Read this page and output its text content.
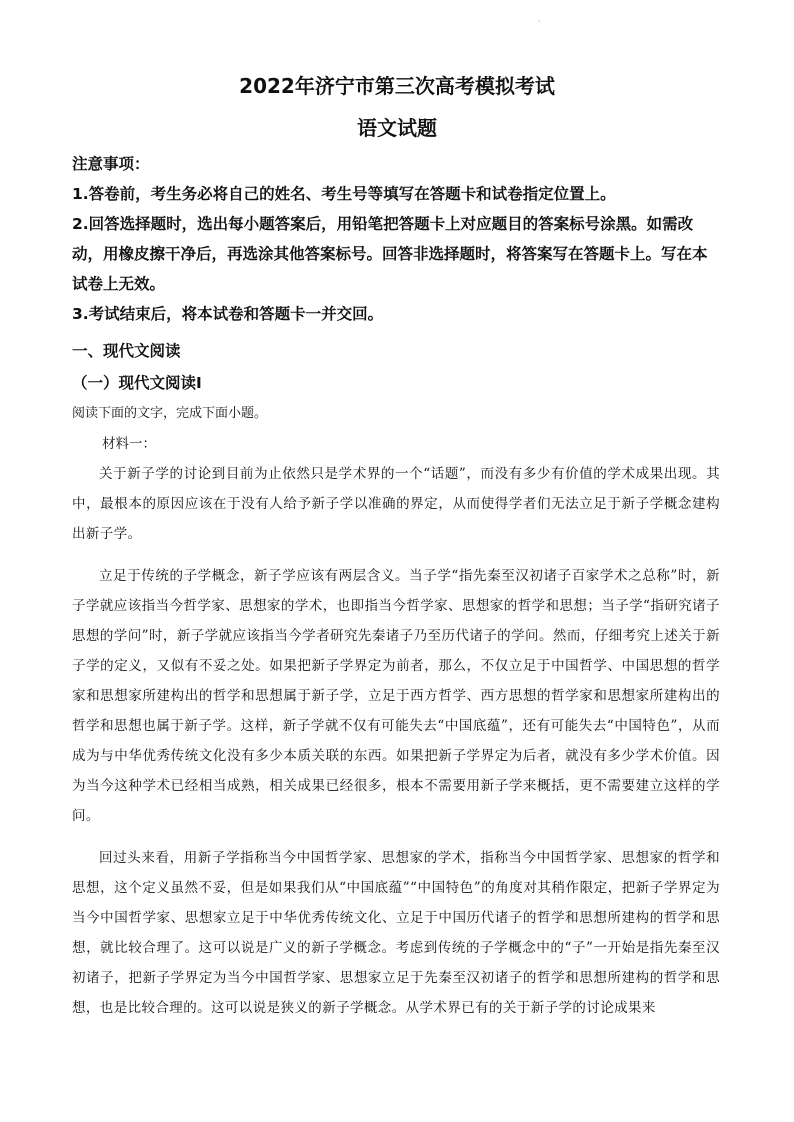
·
2022年济宁市第三次高考模拟考试
语文试题

注意事项：

1.答卷前，考生务必将自己的姓名、考生号等填写在答题卡和试卷指定位置上。

2.回答选择题时，选出每小题答案后，用铅笔把答题卡上对应题目的答案标号涂黑。如需改动，用橡皮擦干净后，再选涂其他答案标号。回答非选择题时，将答案写在答题卡上。写在本试卷上无效。

3.考试结束后，将本试卷和答题卡一并交回。

一、现代文阅读
（一）现代文阅读Ⅰ
阅读下面的文字，完成下面小题。
材料一：

关于新子学的讨论到目前为止依然只是学术界的一个“话题”，而没有多少有价值的学术成果出现。其中，最根本的原因应该在于没有人给予新子学以准确的界定，从而使得学者们无法立足于新子学概念建构出新子学。

立足于传统的子学概念，新子学应该有两层含义。当子学“指先秦至汉初诸子百家学术之总称”时，新子学就应该指当今哲学家、思想家的学术，也即指当今哲学家、思想家的哲学和思想；当子学“指研究诸子思想的学问”时，新子学就应该指当今学者研究先秦诸子乃至历代诸子的学问。然而，仔细考究上述关于新子学的定义，又似有不妥之处。如果把新子学界定为前者，那么，不仅立足于中国哲学、中国思想的哲学家和思想家所建构出的哲学和思想属于新子学，立足于西方哲学、西方思想的哲学家和思想家所建构出的哲学和思想也属于新子学。这样，新子学就不仅有可能失去“中国底蕴”，还有可能失去“中国特色”，从而成为与中华优秀传统文化没有多少本质关联的东西。如果把新子学界定为后者，就没有多少学术价值。因为当今这种学术已经相当成熟，相关成果已经很多，根本不需要用新子学来概括，更不需要建立这样的学问。

回过头来看，用新子学指称当今中国哲学家、思想家的学术，指称当今中国哲学家、思想家的哲学和思想，这个定义虽然不妥，但是如果我们从“中国底蕴”“中国特色”的角度对其稍作限定，把新子学界定为当今中国哲学家、思想家立足于中华优秀传统文化、立足于中国历代诸子的哲学和思想所建构的哲学和思想，就比较合理了。这可以说是广义的新子学概念。考虑到传统的子学概念中的“子”一开始是指先秦至汉初诸子，把新子学界定为当今中国哲学家、思想家立足于先秦至汉初诸子的哲学和思想所建构的哲学和思想，也是比较合理的。这可以说是狭义的新子学概念。从学术界已有的关于新子学的讨论成果来
